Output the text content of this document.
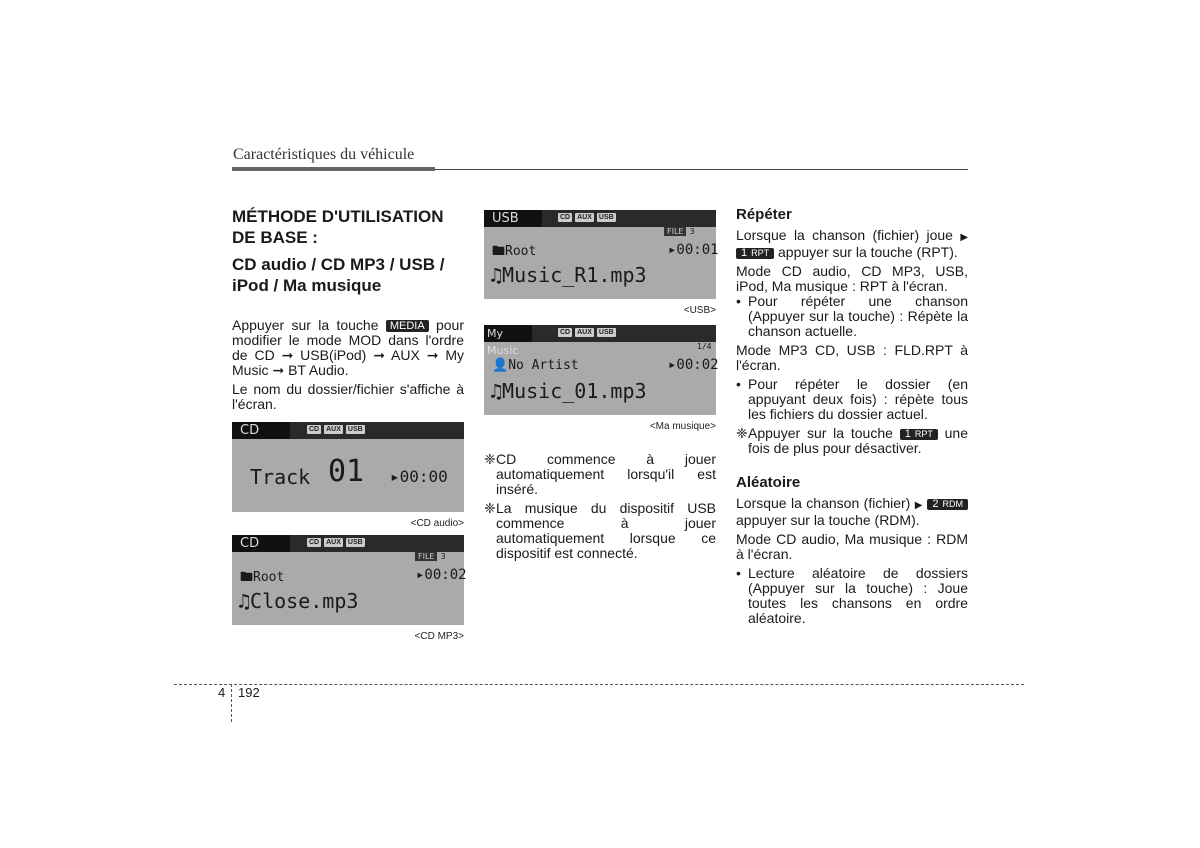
Caractéristiques du véhicule
MÉTHODE D'UTILISATION DE BASE :
CD audio / CD MP3 / USB / iPod / Ma musique

Appuyer sur la touche MEDIA pour modifier le mode MOD dans l'ordre de CD ➞ USB(iPod) ➞ AUX ➞ My Music ➞ BT Audio.

Le nom du dossier/fichier s'affiche à l'écran.

CD	CD AUX USB
Track 01 ▸00:00
<CD audio>
CD	CD AUX USB
FILE 3
🖿Root	▸00:02
♫Close.mp3
<CD MP3>
USB	CD AUX USB
FILE 3
🖿Root	▸00:01
♫Music_R1.mp3
<USB>
My Music
CD AUX USB
1/4
👤No Artist	▸00:02
♫Music_01.mp3
<Ma musique>
❈ CD commence à jouer automatiquement lorsqu'il est inséré.
❈ La musique du dispositif USB commence à jouer automatiquement lorsque ce dispositif est connecté.
Répéter

Lorsque la chanson (fichier) joue ▶ 1 RPT appuyer sur la touche (RPT).

Mode CD audio, CD MP3, USB, iPod, Ma musique : RPT à l'écran.

• Pour répéter une chanson (Appuyer sur la touche) : Répète la chanson actuelle.

Mode MP3 CD, USB : FLD.RPT à l'écran.

• Pour répéter le dossier (en appuyant deux fois) : répète tous les fichiers du dossier actuel.
❈ Appuyer sur la touche 1 RPT une fois de plus pour désactiver.
Aléatoire

Lorsque la chanson (fichier) ▶ 2 RDM appuyer sur la touche (RDM).

Mode CD audio, Ma musique : RDM à l'écran.

• Lecture aléatoire de dossiers (Appuyer sur la touche) : Joue toutes les chansons en ordre aléatoire.
4 192
